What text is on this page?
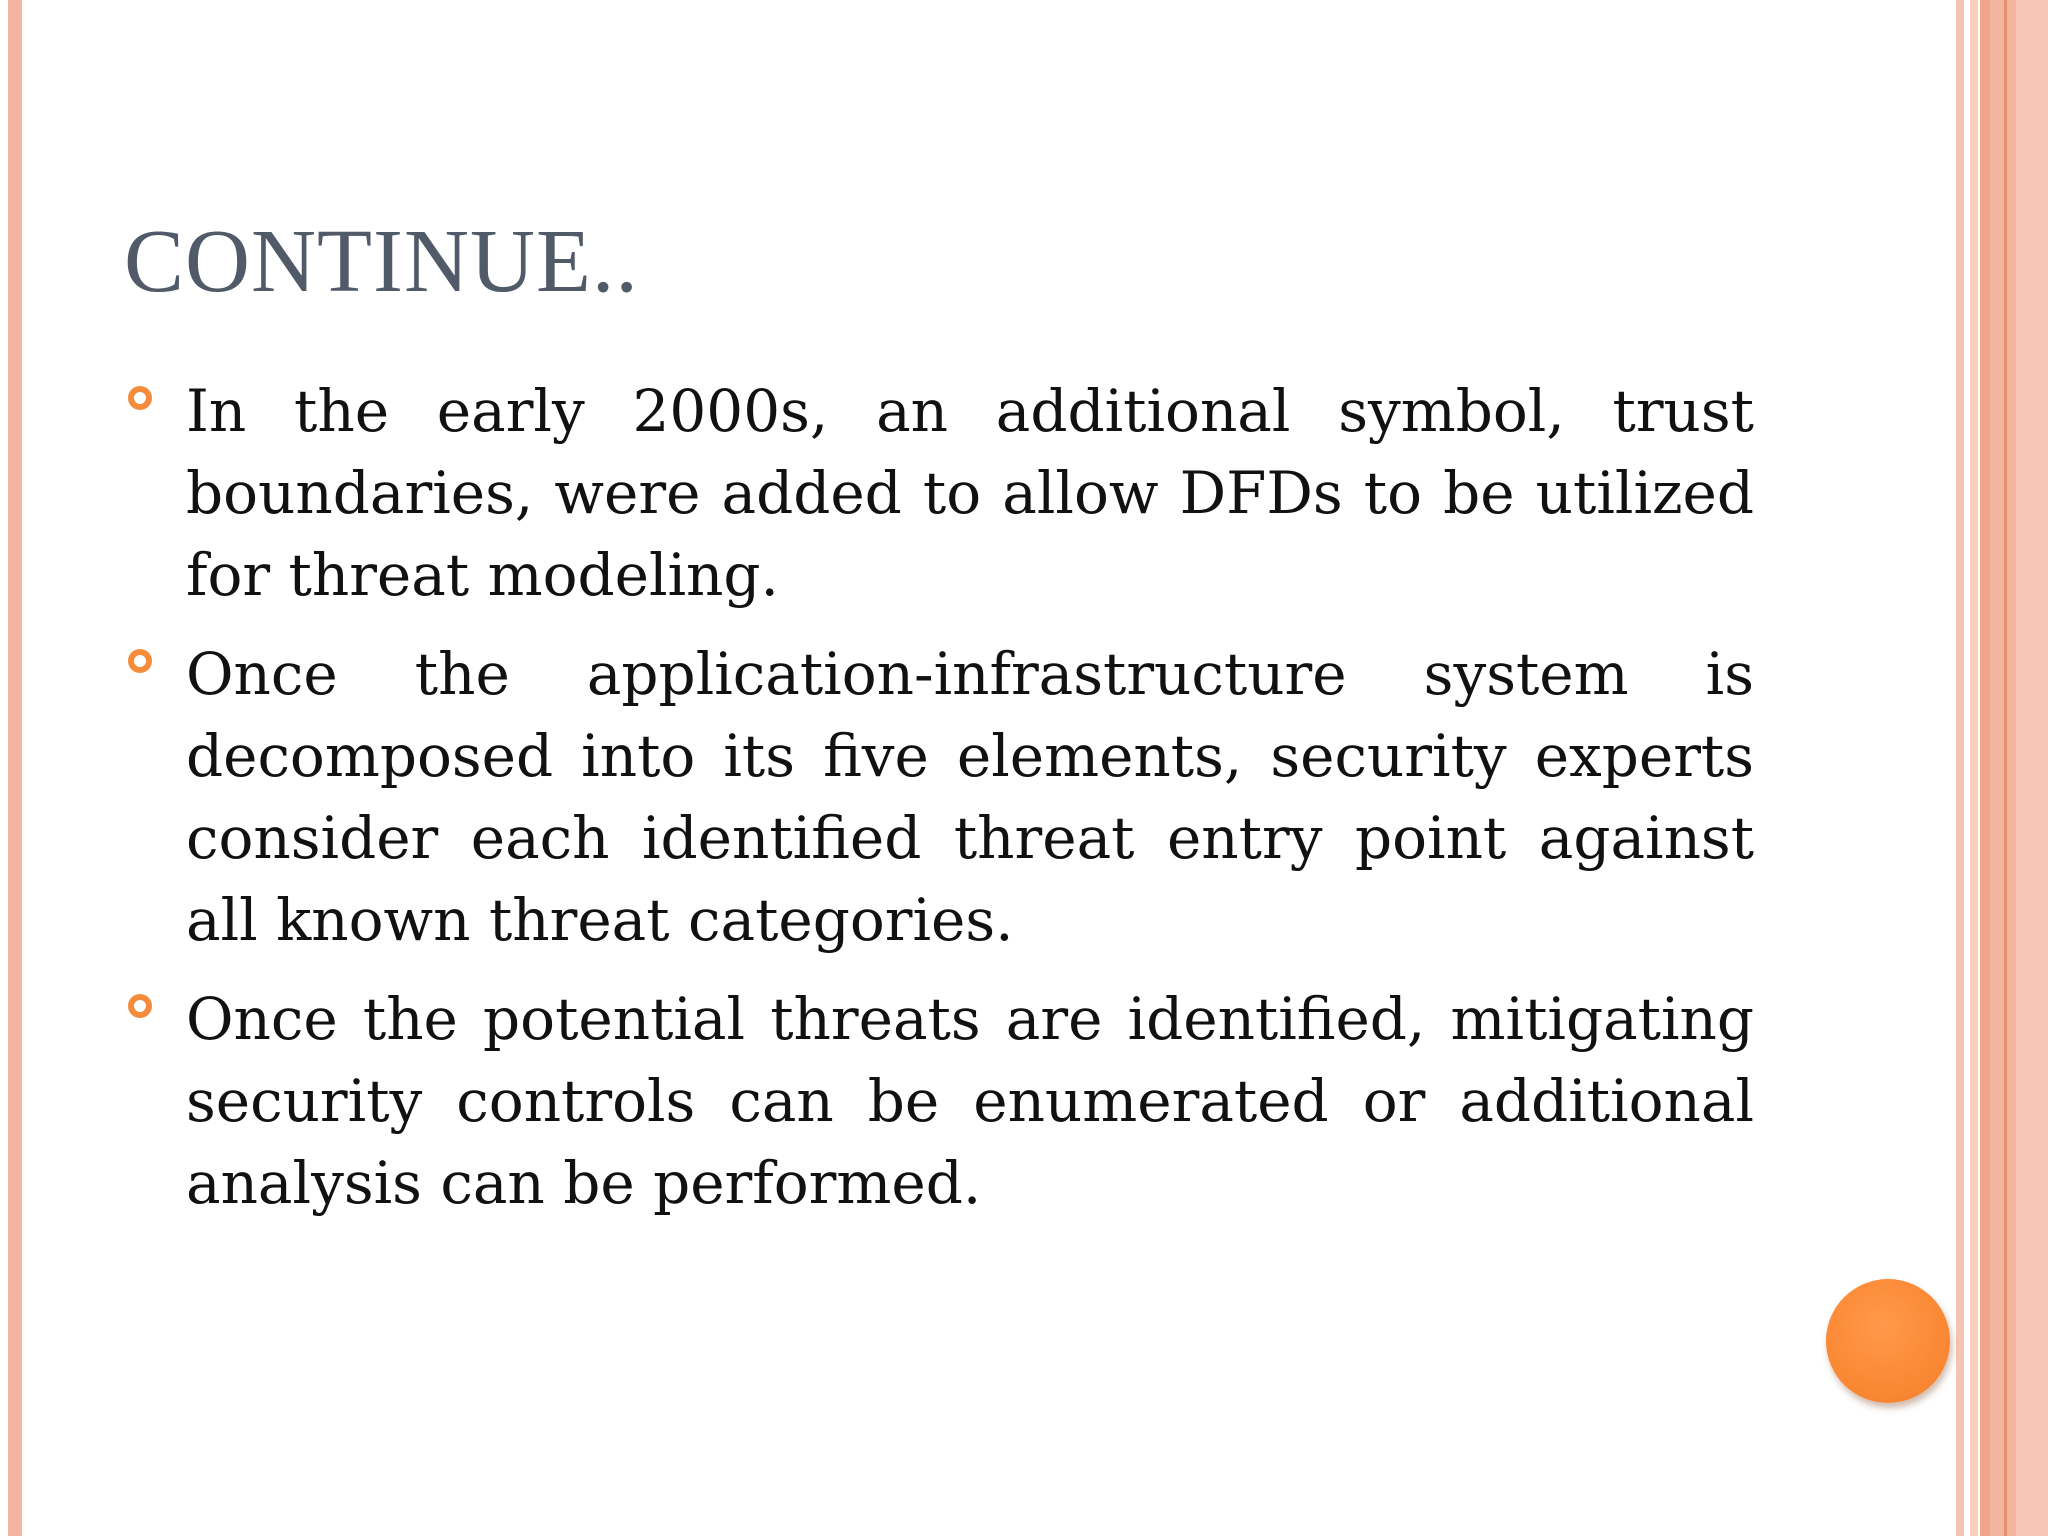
CONTINUE..
In the early 2000s, an additional symbol, trust boundaries, were added to allow DFDs to be utilized for threat modeling.
Once the application-infrastructure system is decomposed into its five elements, security experts consider each identified threat entry point against all known threat categories.
Once the potential threats are identified, mitigating security controls can be enumerated or additional analysis can be performed.
